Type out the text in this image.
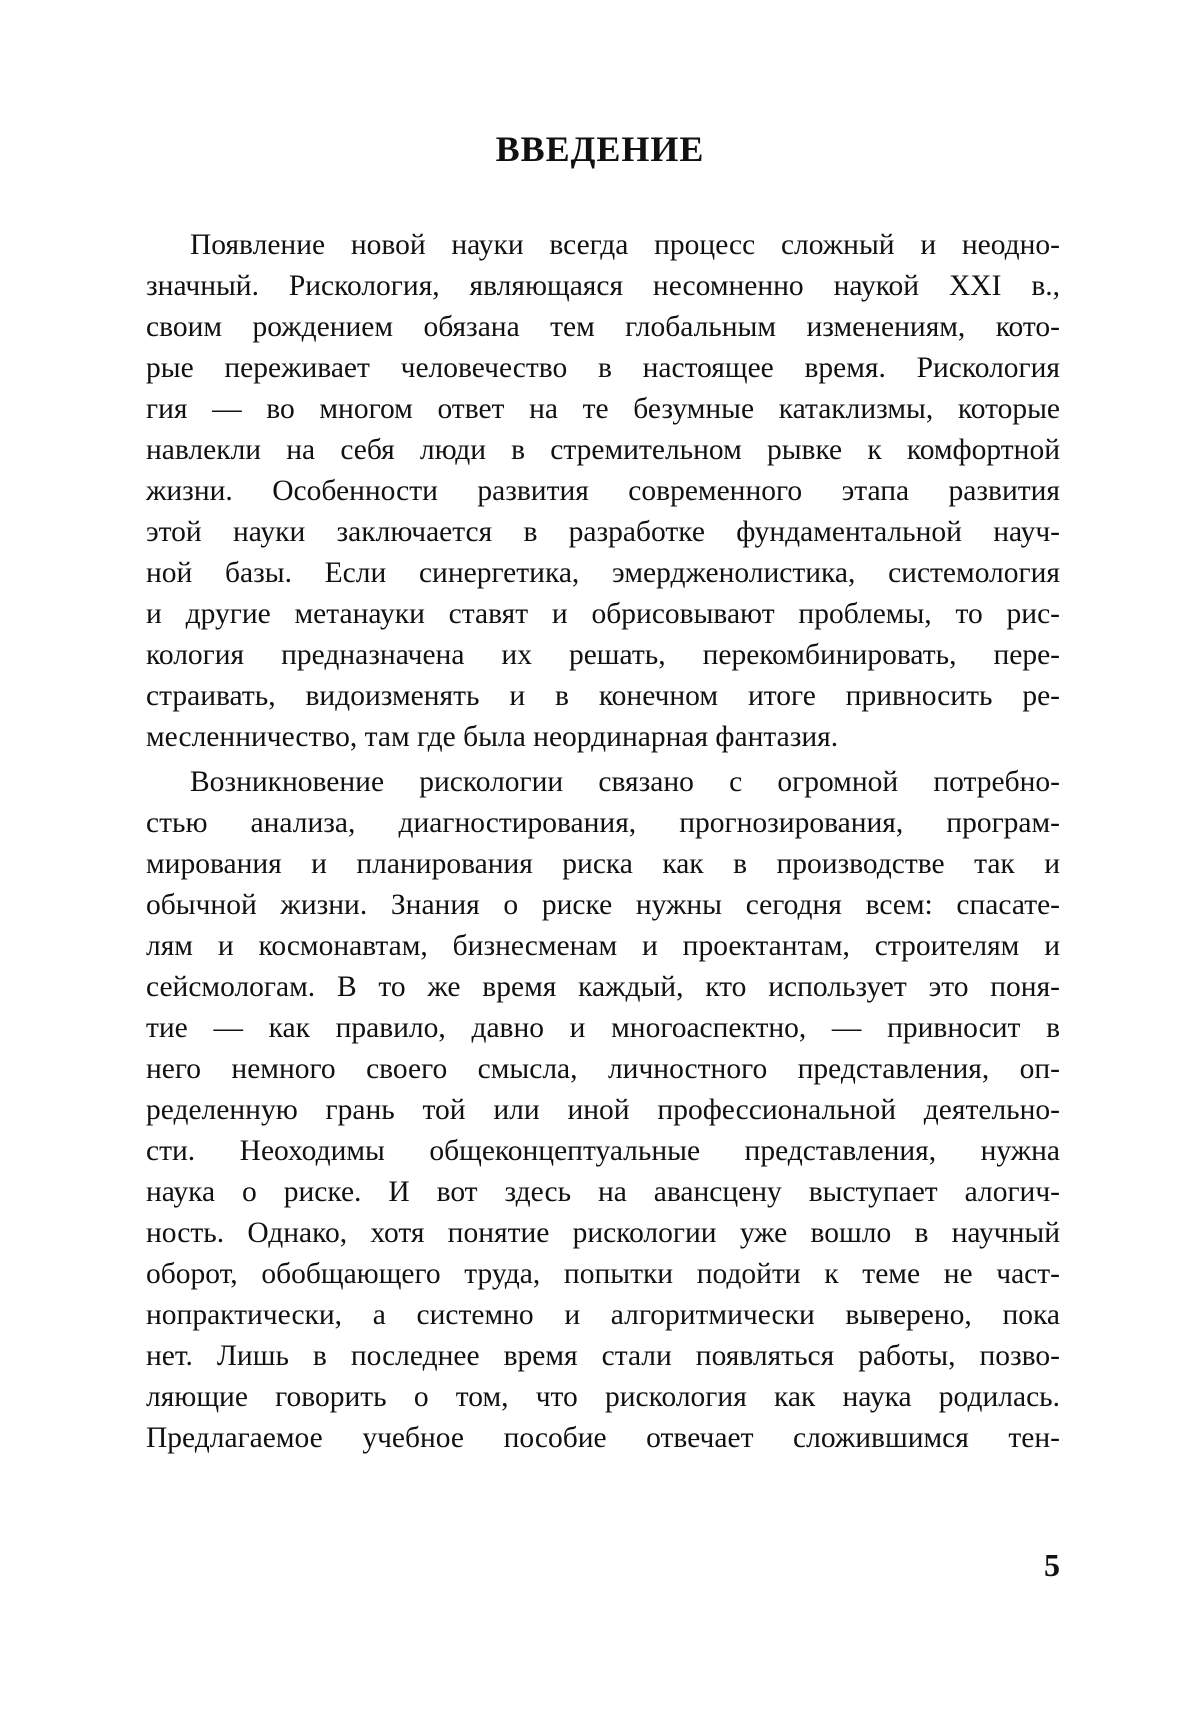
ВВЕДЕНИЕ
Появление новой науки всегда процесс сложный и неодно-
значный. Рискология, являющаяся несомненно наукой XXI в.,
своим рождением обязана тем глобальным изменениям, кото-
рые переживает человечество в настоящее время. Рискология
гия — во многом ответ на те безумные катаклизмы, которые
навлекли на себя люди в стремительном рывке к комфортной
жизни. Особенности развития современного этапа развития
этой науки заключается в разработке фундаментальной науч-
ной базы. Если синергетика, эмердженолистика, системология
и другие метанауки ставят и обрисовывают проблемы, то рис-
кология предназначена их решать, перекомбинировать, пере-
страивать, видоизменять и в конечном итоге привносить ре-
месленничество, там где была неординарная фантазия.
Возникновение рискологии связано с огромной потребно-
стью анализа, диагностирования, прогнозирования, програм-
мирования и планирования риска как в производстве так и
обычной жизни. Знания о риске нужны сегодня всем: спасате-
лям и космонавтам, бизнесменам и проектантам, строителям и
сейсмологам. В то же время каждый, кто использует это поня-
тие — как правило, давно и многоаспектно, — привносит в
него немного своего смысла, личностного представления, оп-
ределенную грань той или иной профессиональной деятельно-
сти. Неоходимы общеконцептуальные представления, нужна
наука о риске. И вот здесь на авансцену выступает алогич-
ность. Однако, хотя понятие рискологии уже вошло в научный
оборот, обобщающего труда, попытки подойти к теме не част-
нопрактически, а системно и алгоритмически выверено, пока
нет. Лишь в последнее время стали появляться работы, позво-
ляющие говорить о том, что рискология как наука родилась.
Предлагаемое учебное пособие отвечает сложившимся тен-
5
